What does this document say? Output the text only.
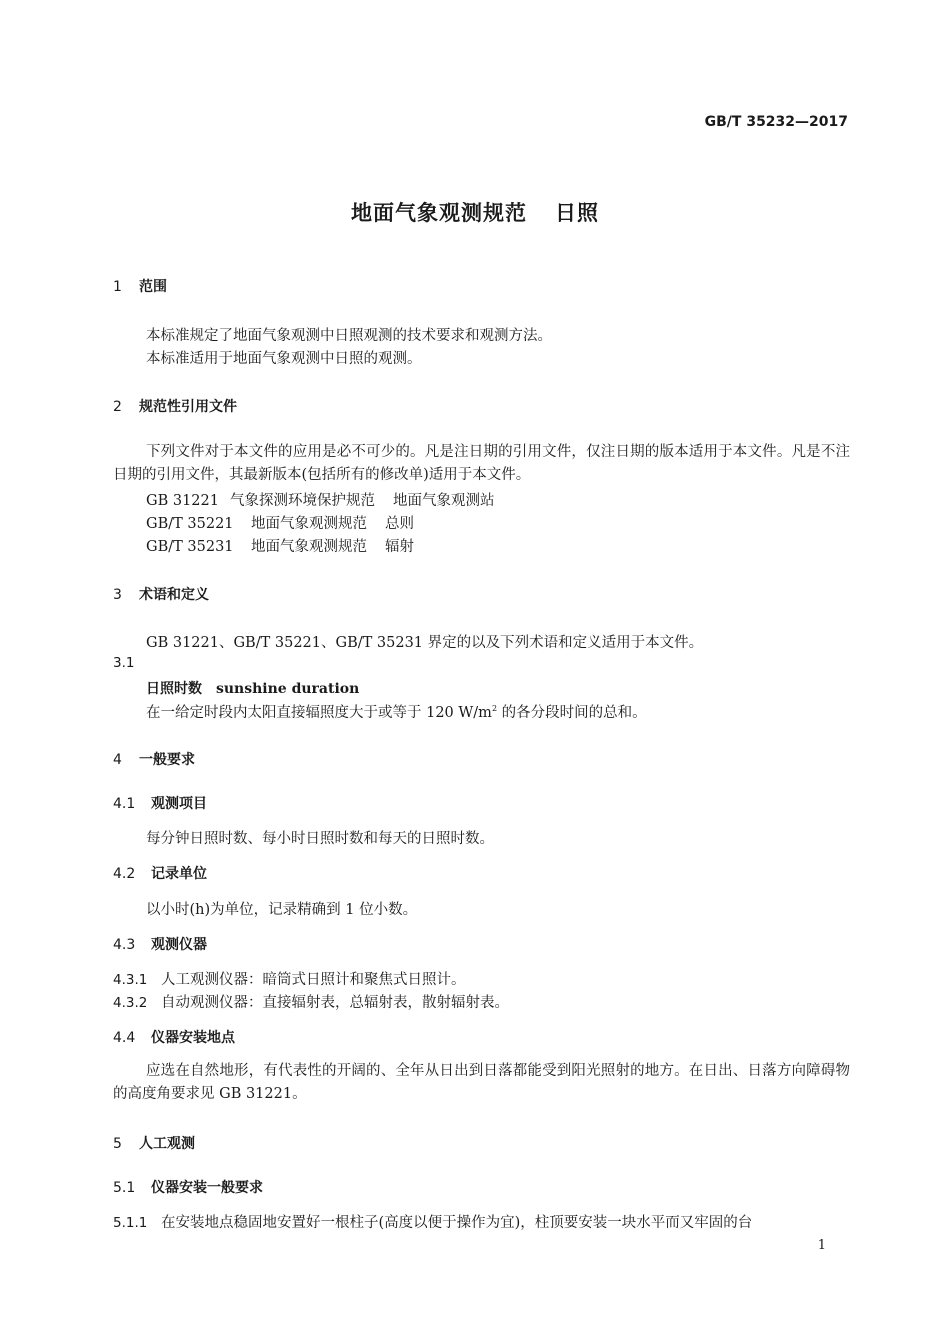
GB/T 35232—2017
地面气象观测规范 日照
1 范围
本标准规定了地面气象观测中日照观测的技术要求和观测方法。
本标准适用于地面气象观测中日照的观测。
2 规范性引用文件
下列文件对于本文件的应用是必不可少的。凡是注日期的引用文件，仅注日期的版本适用于本文件。凡是不注日期的引用文件，其最新版本(包括所有的修改单)适用于本文件。
GB 31221 气象探测环境保护规范 地面气象观测站
GB/T 35221 地面气象观测规范 总则
GB/T 35231 地面气象观测规范 辐射
3 术语和定义
GB 31221、GB/T 35221、GB/T 35231 界定的以及下列术语和定义适用于本文件。
3.1
日照时数 sunshine duration
在一给定时段内太阳直接辐照度大于或等于 120 $W/m^2$ 的各分段时间的总和。
4 一般要求
4.1 观测项目
每分钟日照时数、每小时日照时数和每天的日照时数。
4.2 记录单位
以小时(h)为单位，记录精确到 1 位小数。
4.3 观测仪器
4.3.1 人工观测仪器：暗筒式日照计和聚焦式日照计。
4.3.2 自动观测仪器：直接辐射表，总辐射表，散射辐射表。
4.4 仪器安装地点
应选在自然地形，有代表性的开阔的、全年从日出到日落都能受到阳光照射的地方。在日出、日落方向障碍物的高度角要求见 GB 31221。
5 人工观测
5.1 仪器安装一般要求
5.1.1 在安装地点稳固地安置好一根柱子(高度以便于操作为宜)，柱顶要安装一块水平而又牢固的台
1
